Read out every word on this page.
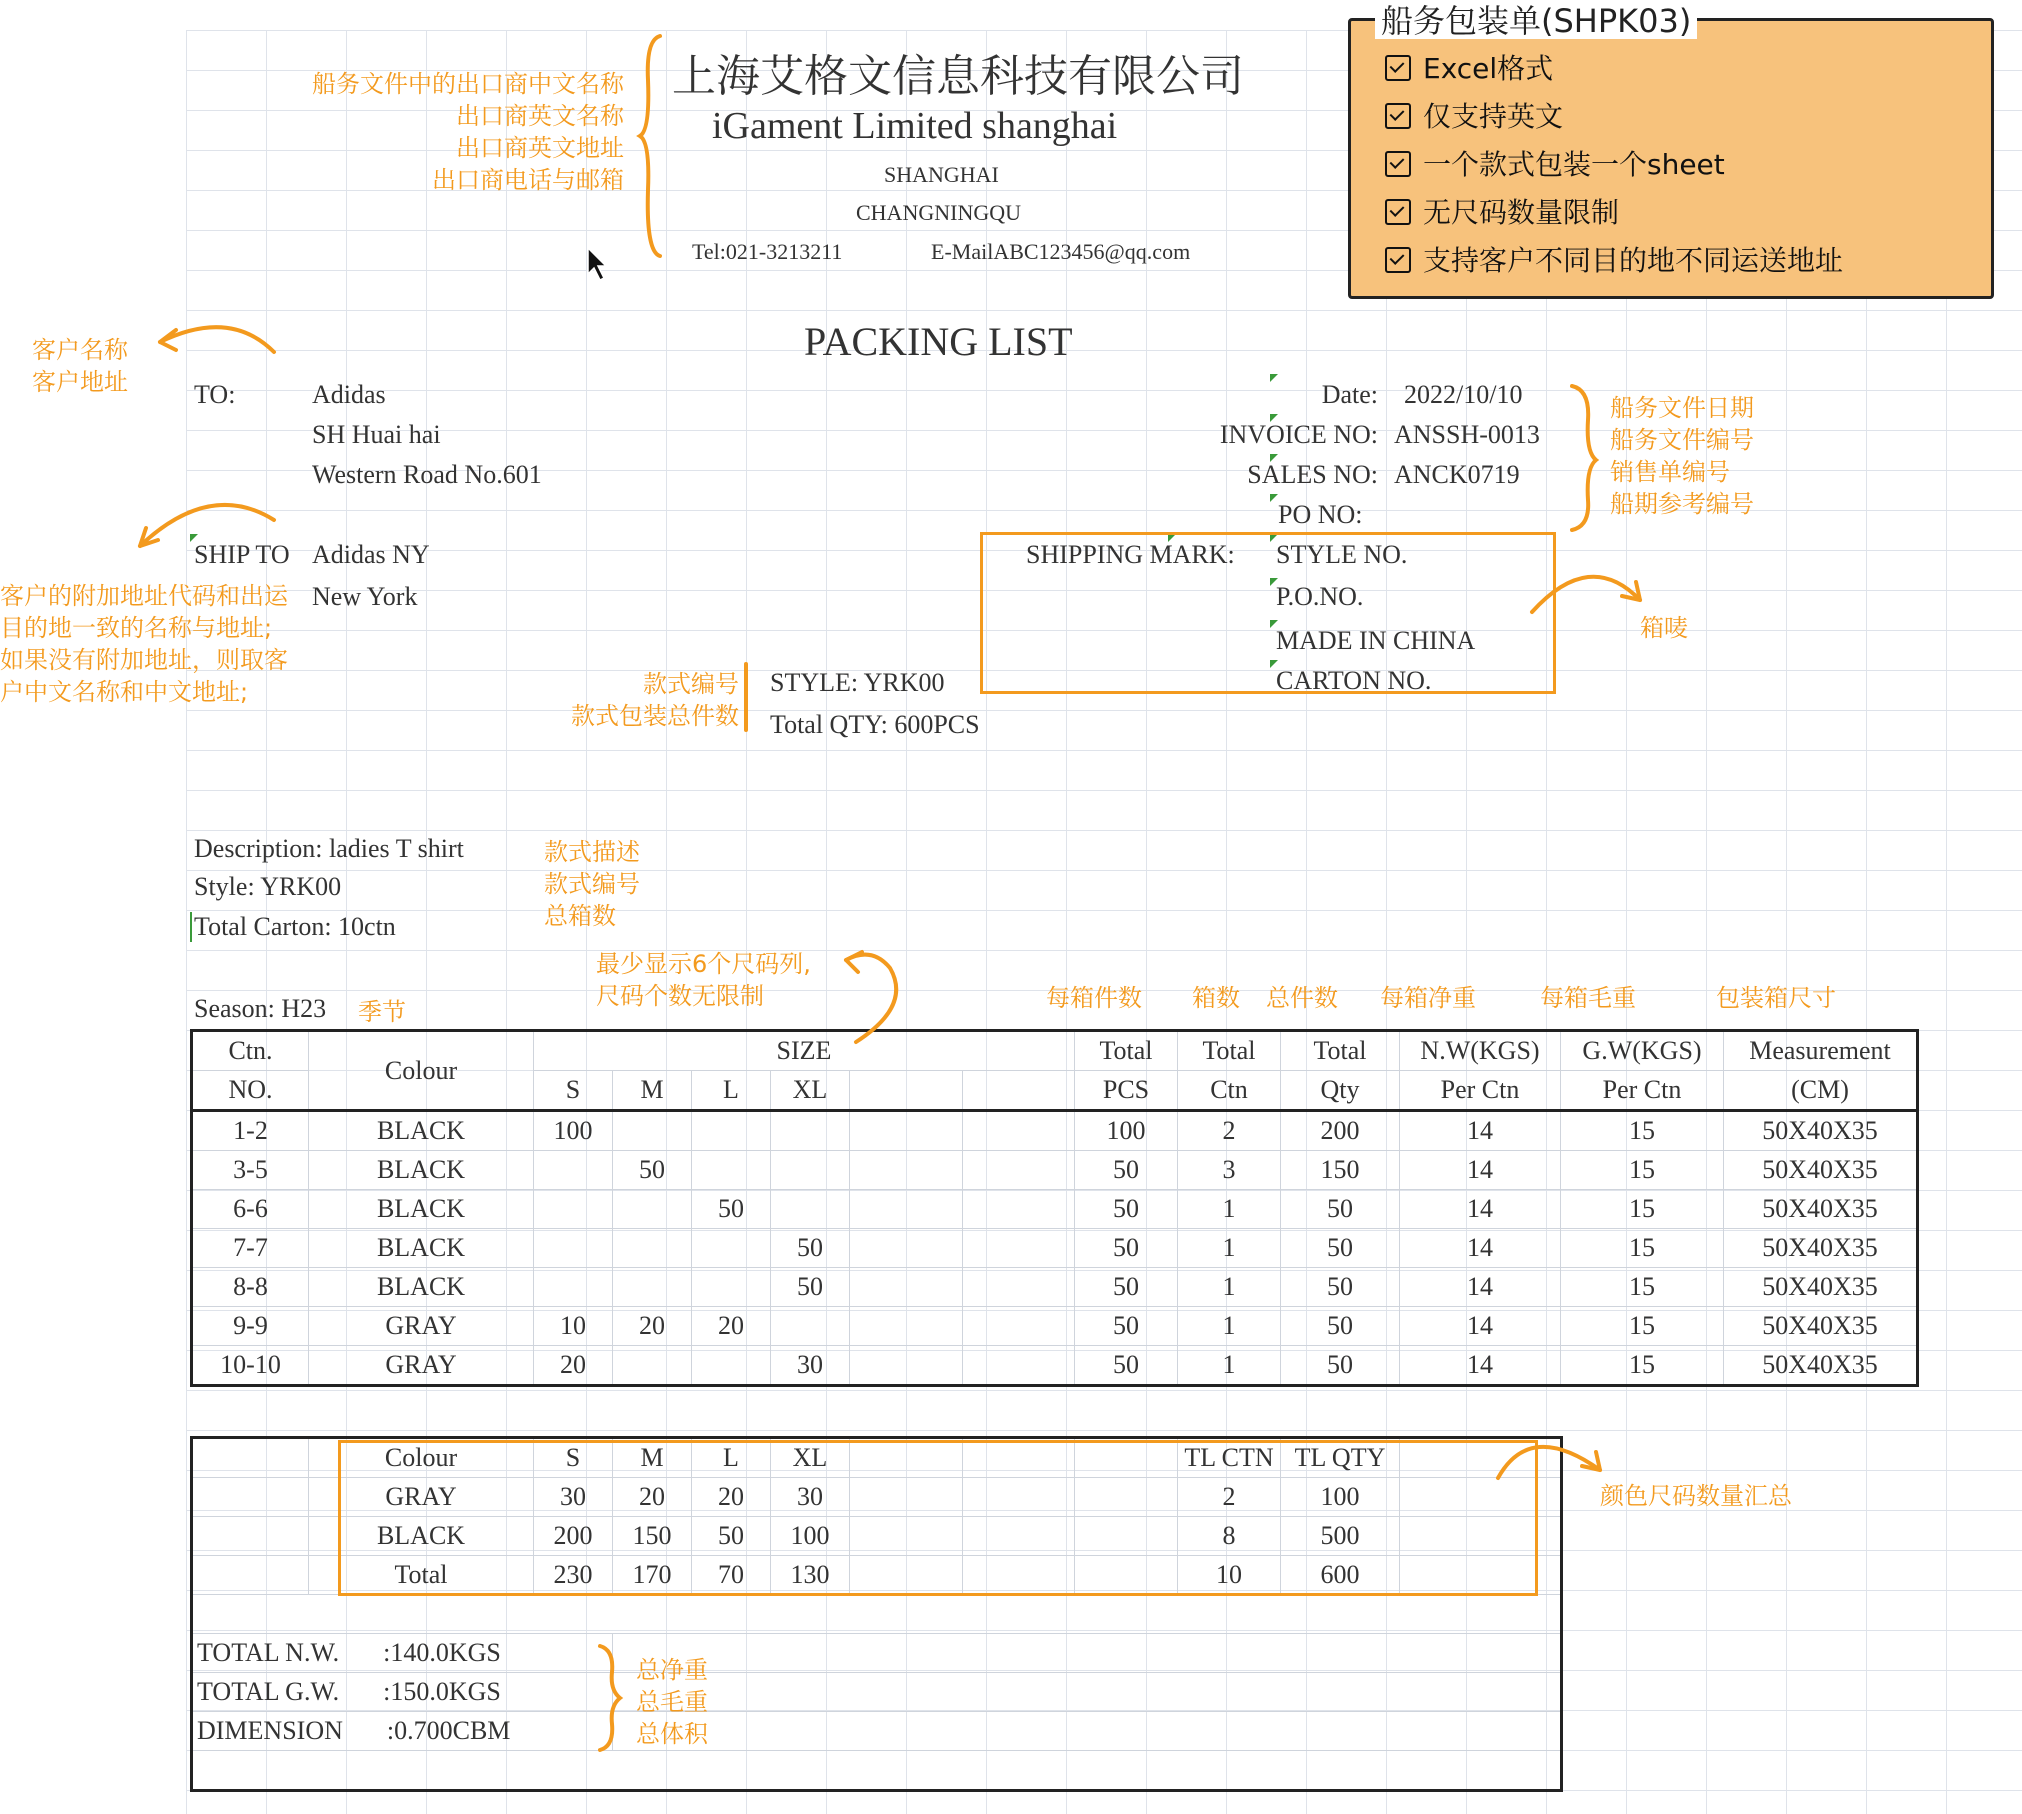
上海艾格文信息科技有限公司
iGament Limited shanghai
SHANGHAI
CHANGNINGQU
Tel:021-3213211	E-MailABC123456@qq.com
PACKING LIST
TO:	Adidas
SH Huai hai
Western Road No.601
SHIP TO Adidas NY
New York
Date: 2022/10/10
INVOICE NO: ANSSH-0013
SALES NO: ANCK0719
PO NO:
SHIPPING MARK: STYLE NO.
P.O.NO.
MADE IN CHINA
CARTON NO.
STYLE: YRK00
Total QTY: 600PCS
Description: ladies T shirt
Style: YRK00
Total Carton: 10ctn
Season: H23
Ctn.	Colour	SIZE						Total	Total	Total	N.W(KGS)	G.W(KGS)	Measurement
NO.		S	M	L	XL			PCS	Ctn	Qty	Per Ctn	Per Ctn	(CM)
1-2	BLACK	100						100	2	200	14	15	50X40X35
3-5	BLACK		50					50	3	150	14	15	50X40X35
6-6	BLACK			50				50	1	50	14	15	50X40X35
7-7	BLACK				50			50	1	50	14	15	50X40X35
8-8	BLACK				50			50	1	50	14	15	50X40X35
9-9	GRAY	10	20	20				50	1	50	14	15	50X40X35
10-10	GRAY	20			30			50	1	50	14	15	50X40X35
	Colour	S	M	L	XL				TL CTN	TL QTY	
	GRAY	30	20	20	30				2	100	
	BLACK	200	150	50	100				8	500	
	Total	230	170	70	130				10	600	

TOTAL N.W. :140.0KGS											
TOTAL G.W. :150.0KGS											
DIMENSION :0.700CBM											

船务文件中的出口商中文名称
出口商英文名称
出口商英文地址
出口商电话与邮箱
客户名称
客户地址
客户的附加地址代码和出运
目的地一致的名称与地址;
如果没有附加地址，则取客
户中文名称和中文地址;
船务文件日期
船务文件编号
销售单编号
船期参考编号
箱唛
款式编号
款式包装总件数
款式描述
款式编号
总箱数
最少显示6个尺码列,
尺码个数无限制
季节	每箱件数 箱数 总件数 每箱净重	每箱毛重	包装箱尺寸
颜色尺码数量汇总
总净重
总毛重
总体积
船务包装单(SHPK03)
Excel格式
仅支持英文
一个款式包装一个sheet
无尺码数量限制
支持客户不同目的地不同运送地址
